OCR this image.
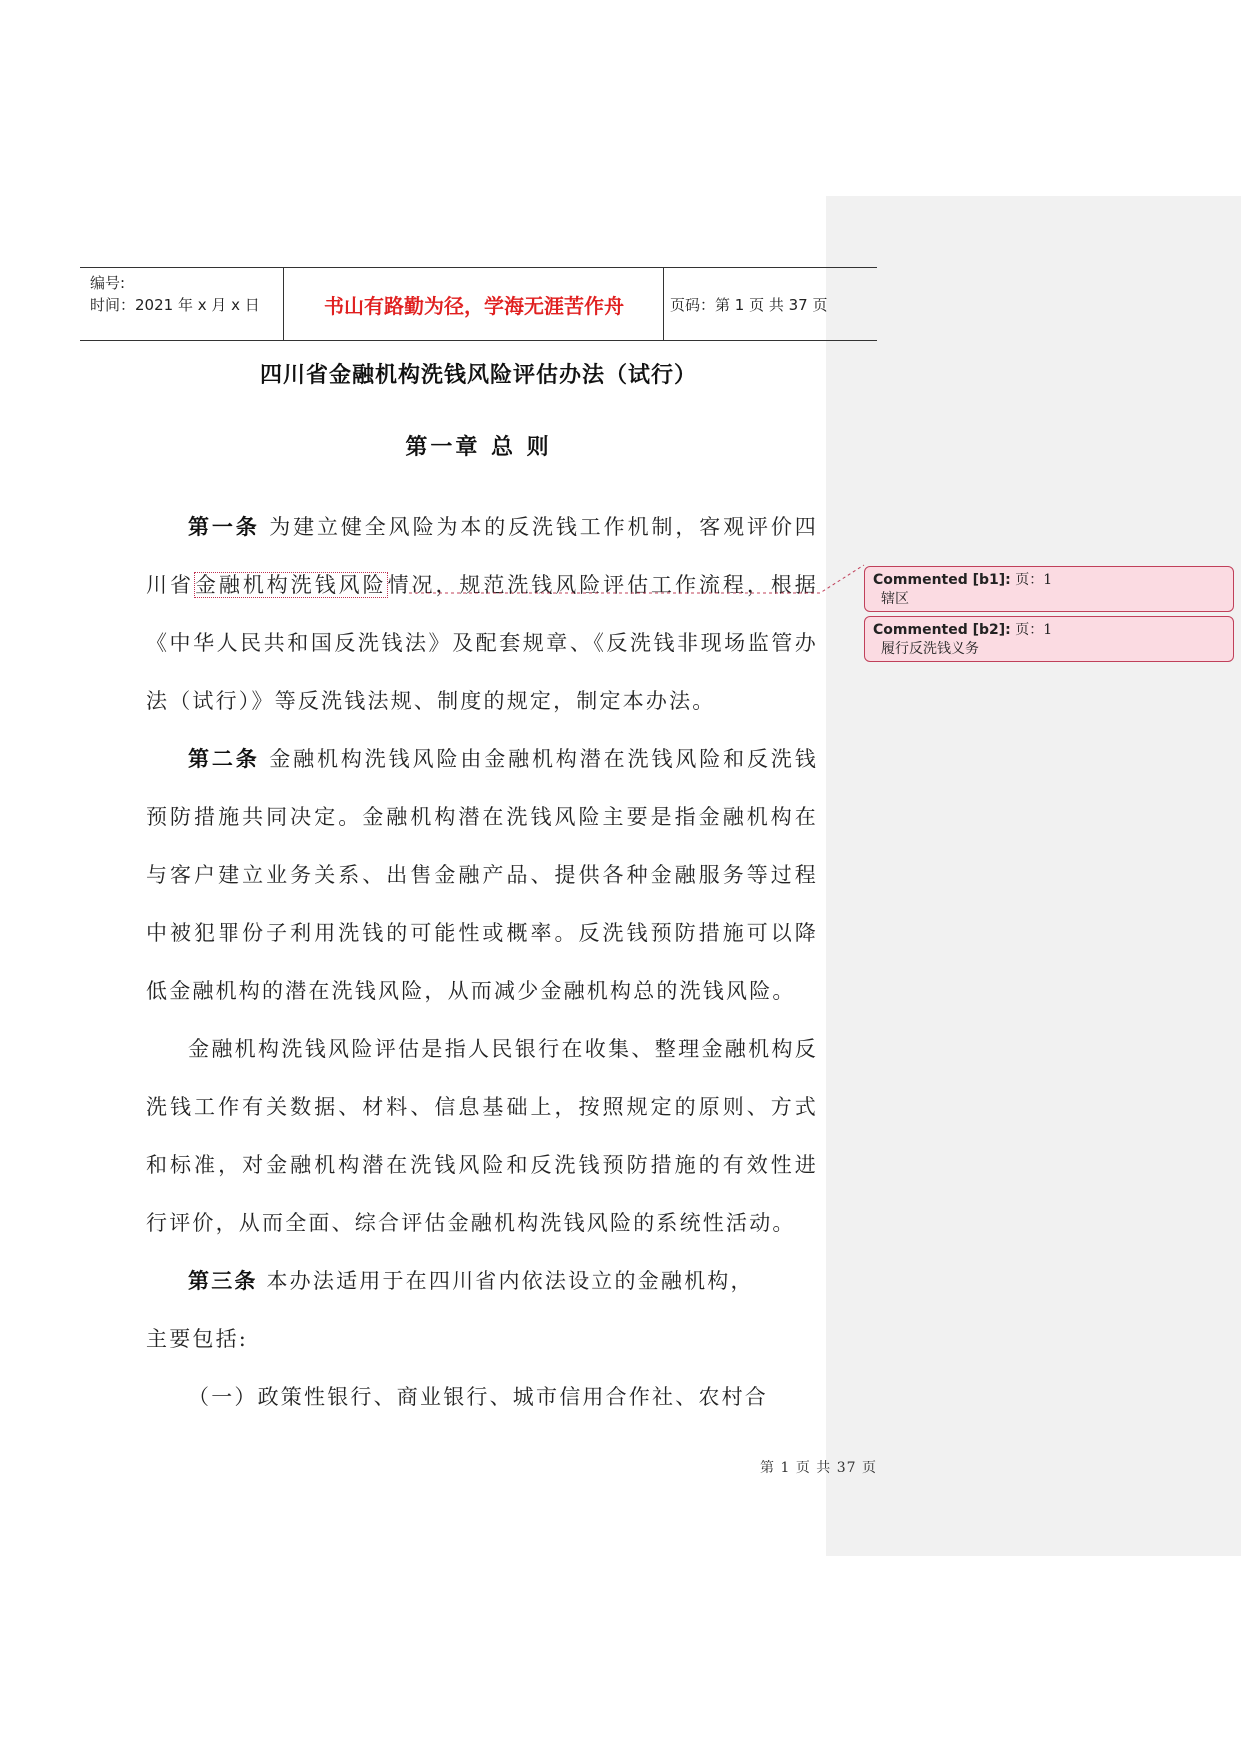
编号:
时间：2021 年 x 月 x 日	书山有路勤为径，学海无涯苦作舟	页码：第 1 页 共 37 页
四川省金融机构洗钱风险评估办法（试行）
第一章 总 则

第一条 为建立健全风险为本的反洗钱工作机制，客观评价四川省金融机构洗钱风险情况，规范洗钱风险评估工作流程，根据《中华人民共和国反洗钱法》及配套规章、《反洗钱非现场监管办法（试行）》等反洗钱法规、制度的规定，制定本办法。

第二条 金融机构洗钱风险由金融机构潜在洗钱风险和反洗钱预防措施共同决定。金融机构潜在洗钱风险主要是指金融机构在与客户建立业务关系、出售金融产品、提供各种金融服务等过程中被犯罪份子利用洗钱的可能性或概率。反洗钱预防措施可以降低金融机构的潜在洗钱风险，从而减少金融机构总的洗钱风险。

金融机构洗钱风险评估是指人民银行在收集、整理金融机构反洗钱工作有关数据、材料、信息基础上，按照规定的原则、方式和标准，对金融机构潜在洗钱风险和反洗钱预防措施的有效性进行评价，从而全面、综合评估金融机构洗钱风险的系统性活动。

第三条 本办法适用于在四川省内依法设立的金融机构，

主要包括:

（一）政策性银行、商业银行、城市信用合作社、农村合

第 1 页 共 37 页
Commented [b1]: 页：1
辖区
Commented [b2]: 页：1
履行反洗钱义务
